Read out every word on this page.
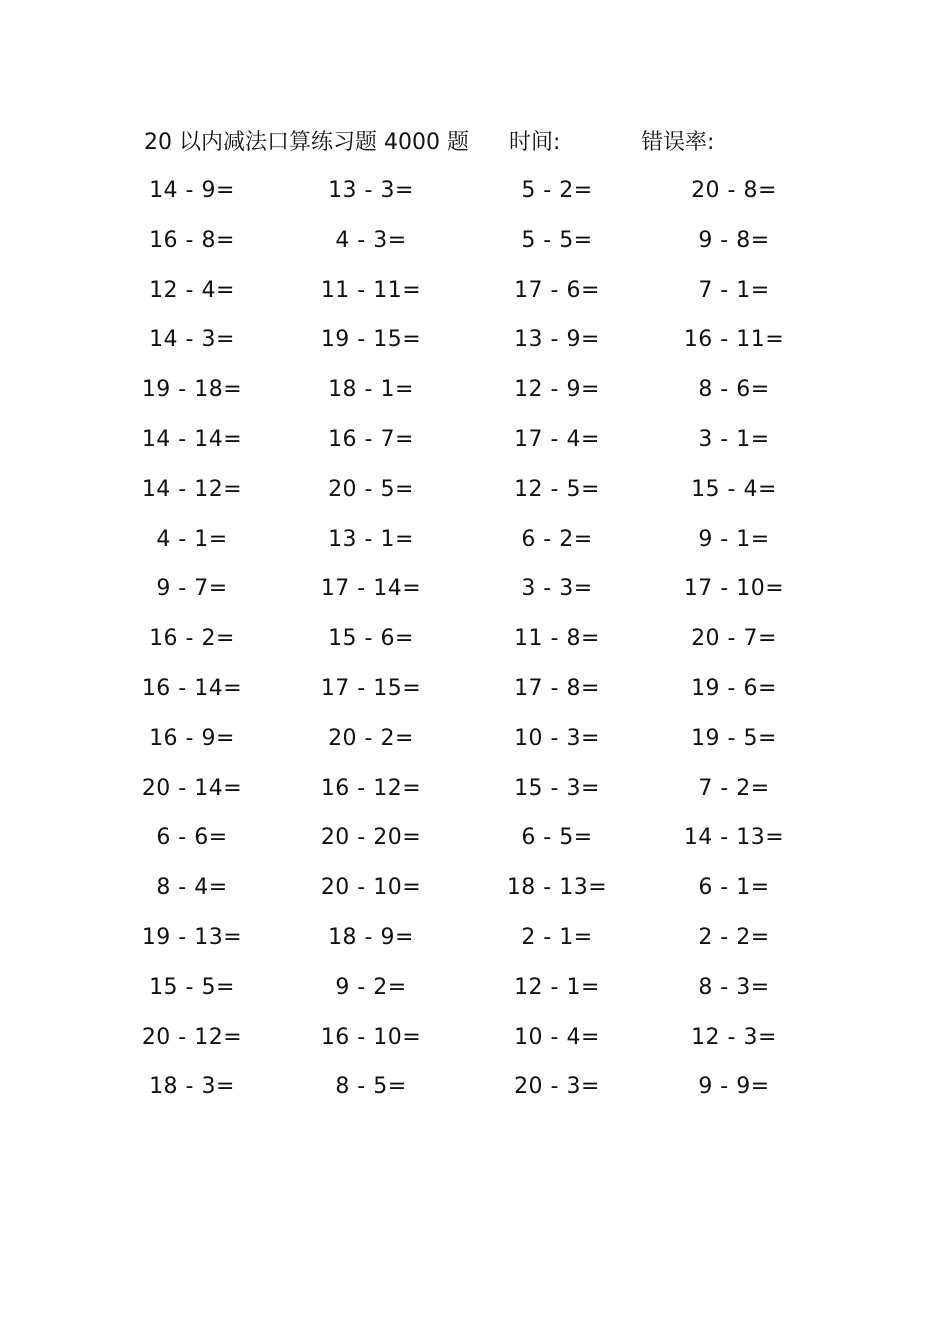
20 以内减法口算练习题 4000 题 时间:	错误率:
14 - 9=	13 - 3=	5 - 2=	20 - 8=
16 - 8=	4 - 3=	5 - 5=	9 - 8=
12 - 4=	11 - 11=	17 - 6=	7 - 1=
14 - 3=	19 - 15=	13 - 9=	16 - 11=
19 - 18=	18 - 1=	12 - 9=	8 - 6=
14 - 14=	16 - 7=	17 - 4=	3 - 1=
14 - 12=	20 - 5=	12 - 5=	15 - 4=
4 - 1=	13 - 1=	6 - 2=	9 - 1=
9 - 7=	17 - 14=	3 - 3=	17 - 10=
16 - 2=	15 - 6=	11 - 8=	20 - 7=
16 - 14=	17 - 15=	17 - 8=	19 - 6=
16 - 9=	20 - 2=	10 - 3=	19 - 5=
20 - 14=	16 - 12=	15 - 3=	7 - 2=
6 - 6=	20 - 20=	6 - 5=	14 - 13=
8 - 4=	20 - 10=	18 - 13=	6 - 1=
19 - 13=	18 - 9=	2 - 1=	2 - 2=
15 - 5=	9 - 2=	12 - 1=	8 - 3=
20 - 12=	16 - 10=	10 - 4=	12 - 3=
18 - 3=	8 - 5=	20 - 3=	9 - 9=
